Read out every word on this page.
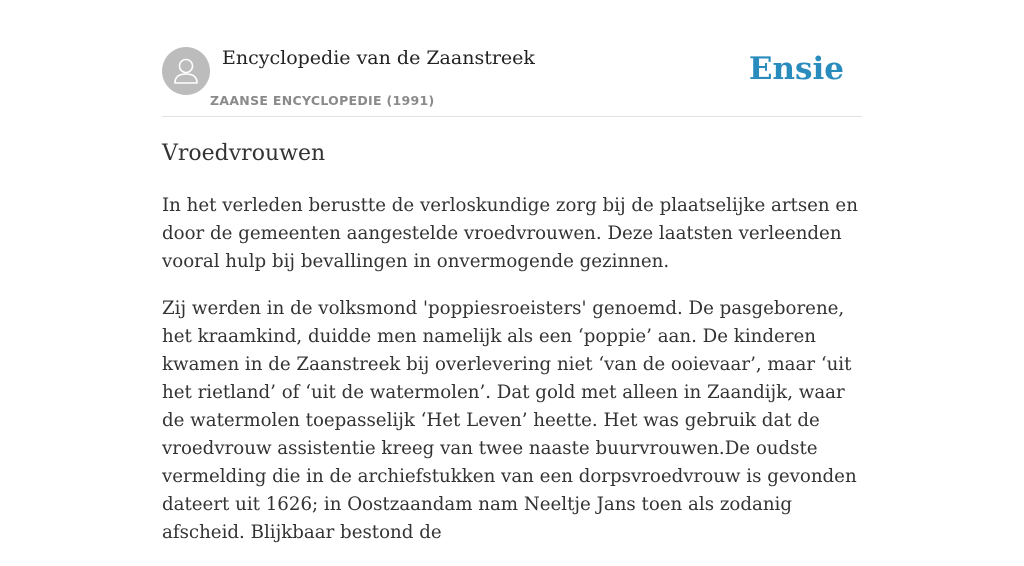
Encyclopedie van de Zaanstreek
ZAANSE ENCYCLOPEDIE (1991)
Ensie
Vroedvrouwen

In het verleden berustte de verloskundige zorg bij de plaatselijke artsen en door de gemeenten aangestelde vroedvrouwen. Deze laatsten verleenden vooral hulp bij bevallingen in onvermogende gezinnen.

Zij werden in de volksmond 'poppiesroeisters' genoemd. De pasgeborene, het kraamkind, duidde men namelijk als een ‘poppie’ aan. De kinderen kwamen in de Zaanstreek bij overlevering niet ‘van de ooievaar’, maar ‘uit het rietland’ of ‘uit de watermolen’. Dat gold met alleen in Zaandijk, waar de watermolen toepasselijk ‘Het Leven’ heette. Het was gebruik dat de vroedvrouw assistentie kreeg van twee naaste buurvrouwen.De oudste vermelding die in de archiefstukken van een dorpsvroedvrouw is gevonden dateert uit 1626; in Oostzaandam nam Neeltje Jans toen als zodanig afscheid. Blijkbaar bestond de
